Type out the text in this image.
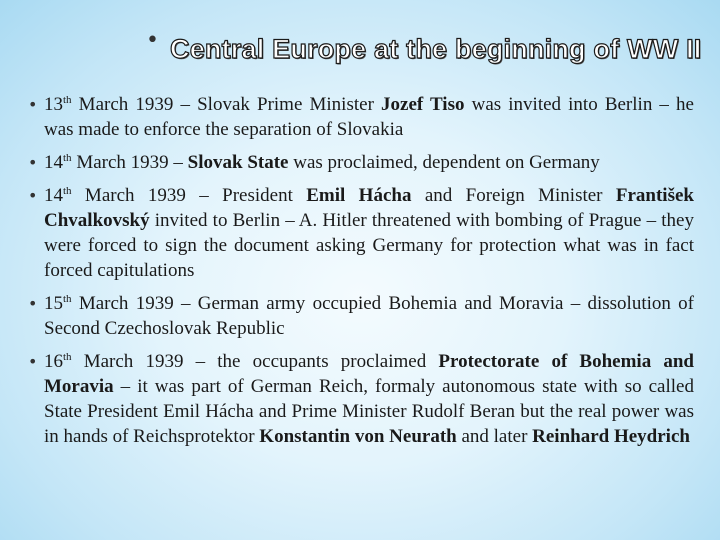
• Central Europe at the beginning of WW II
• 13th March 1939 – Slovak Prime Minister Jozef Tiso was invited into Berlin – he was made to enforce the separation of Slovakia
• 14th March 1939 – Slovak State was proclaimed, dependent on Germany
• 14th March 1939 – President Emil Hácha and Foreign Minister František Chvalkovský invited to Berlin – A. Hitler threatened with bombing of Prague – they were forced to sign the document asking Germany for protection what was in fact forced capitulations
• 15th March 1939 – German army occupied Bohemia and Moravia – dissolution of Second Czechoslovak Republic
• 16th March 1939 – the occupants proclaimed Protectorate of Bohemia and Moravia – it was part of German Reich, formaly autonomous state with so called State President Emil Hácha and Prime Minister Rudolf Beran but the real power was in hands of Reichsprotektor Konstantin von Neurath and later Reinhard Heydrich
